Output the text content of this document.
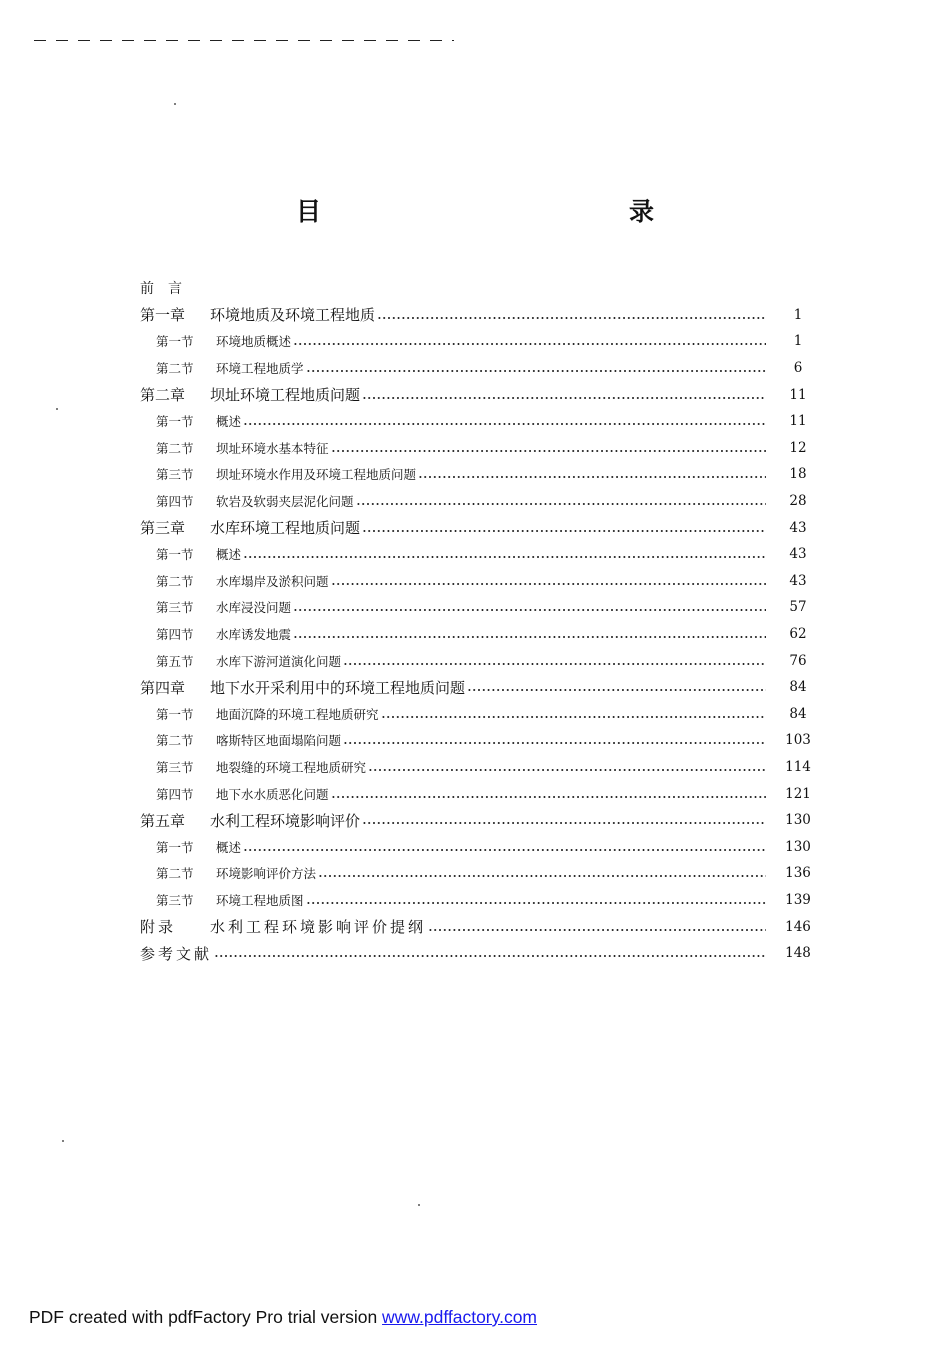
目　　录
前　言
第一章 环境地质及环境工程地质	1
第一节 环境地质概述	1
第二节 环境工程地质学	6
第二章 坝址环境工程地质问题	11
第一节 概述	11
第二节 坝址环境水基本特征	12
第三节 坝址环境水作用及环境工程地质问题	18
第四节 软岩及软弱夹层泥化问题	28
第三章 水库环境工程地质问题	43
第一节 概述	43
第二节 水库塌岸及淤积问题	43
第三节 水库浸没问题	57
第四节 水库诱发地震	62
第五节 水库下游河道演化问题	76
第四章 地下水开采利用中的环境工程地质问题	84
第一节 地面沉降的环境工程地质研究	84
第二节 喀斯特区地面塌陷问题	103
第三节 地裂缝的环境工程地质研究	114
第四节 地下水水质恶化问题	121
第五章 水利工程环境影响评价	130
第一节 概述	130
第二节 环境影响评价方法	136
第三节 环境工程地质图	139
附录 水利工程环境影响评价提纲	146
参考文献	148
PDF created with pdfFactory Pro trial version www.pdffactory.com
